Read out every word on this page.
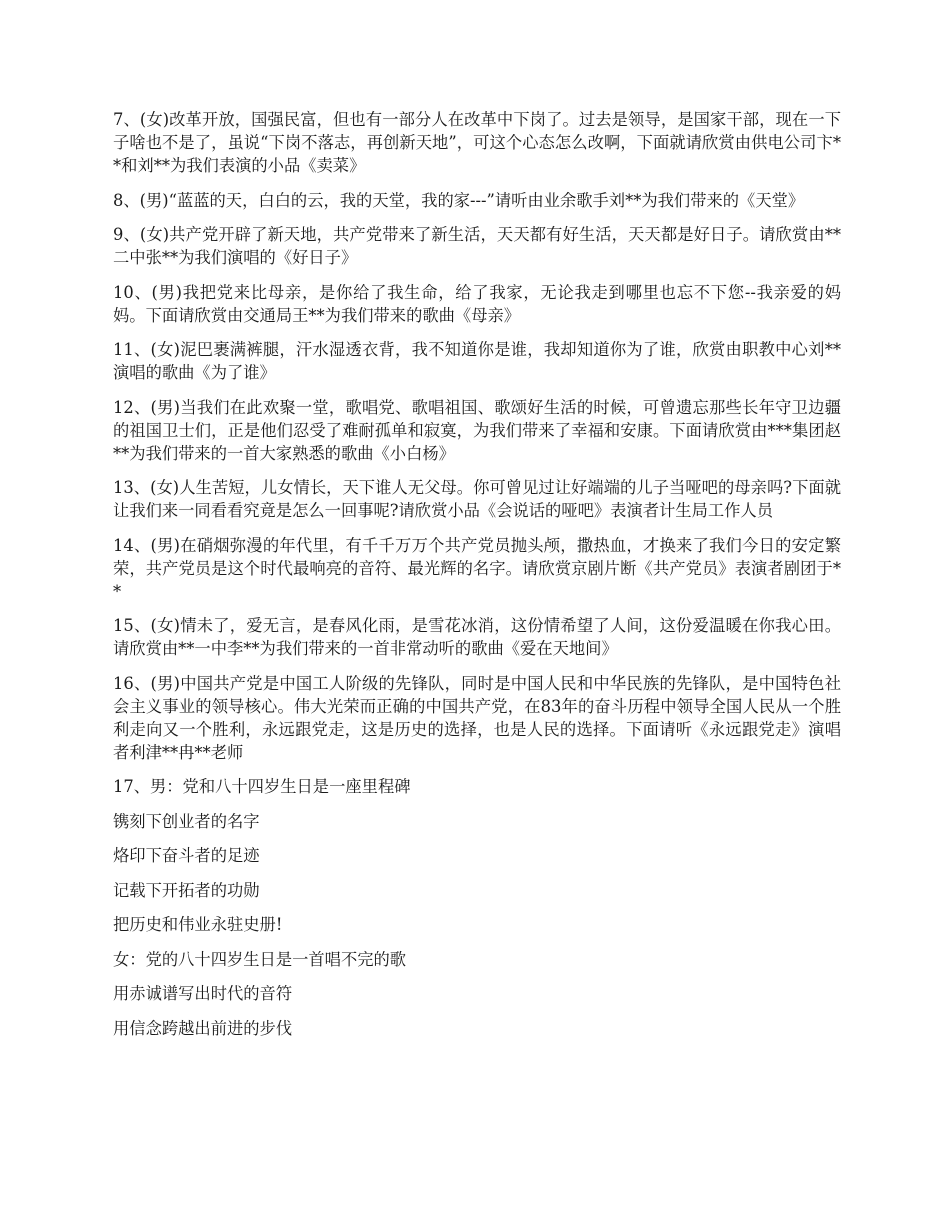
7、(女)改革开放，国强民富，但也有一部分人在改革中下岗了。过去是领导，是国家干部，现在一下子啥也不是了，虽说“下岗不落志，再创新天地”，可这个心态怎么改啊，下面就请欣赏由供电公司卞**和刘**为我们表演的小品《卖菜》

8、(男)“蓝蓝的天，白白的云，我的天堂，我的家---”请听由业余歌手刘**为我们带来的《天堂》

9、(女)共产党开辟了新天地，共产党带来了新生活，天天都有好生活，天天都是好日子。请欣赏由**二中张**为我们演唱的《好日子》

10、(男)我把党来比母亲，是你给了我生命，给了我家，无论我走到哪里也忘不下您--我亲爱的妈妈。下面请欣赏由交通局王**为我们带来的歌曲《母亲》

11、(女)泥巴裹满裤腿，汗水湿透衣背，我不知道你是谁，我却知道你为了谁，欣赏由职教中心刘**演唱的歌曲《为了谁》

12、(男)当我们在此欢聚一堂，歌唱党、歌唱祖国、歌颂好生活的时候，可曾遗忘那些长年守卫边疆的祖国卫士们，正是他们忍受了难耐孤单和寂寞，为我们带来了幸福和安康。下面请欣赏由***集团赵**为我们带来的一首大家熟悉的歌曲《小白杨》

13、(女)人生苦短，儿女情长，天下谁人无父母。你可曾见过让好端端的儿子当哑吧的母亲吗?下面就让我们来一同看看究竟是怎么一回事呢?请欣赏小品《会说话的哑吧》表演者计生局工作人员

14、(男)在硝烟弥漫的年代里，有千千万万个共产党员抛头颅，撒热血，才换来了我们今日的安定繁荣，共产党员是这个时代最响亮的音符、最光辉的名字。请欣赏京剧片断《共产党员》表演者剧团于**

15、(女)情未了，爱无言，是春风化雨，是雪花冰消，这份情希望了人间，这份爱温暖在你我心田。请欣赏由**一中李**为我们带来的一首非常动听的歌曲《爱在天地间》

16、(男)中国共产党是中国工人阶级的先锋队，同时是中国人民和中华民族的先锋队，是中国特色社会主义事业的领导核心。伟大光荣而正确的中国共产党，在83年的奋斗历程中领导全国人民从一个胜利走向又一个胜利，永远跟党走，这是历史的选择，也是人民的选择。下面请听《永远跟党走》演唱者利津**冉**老师

17、男：党和八十四岁生日是一座里程碑

镌刻下创业者的名字

烙印下奋斗者的足迹

记载下开拓者的功勋

把历史和伟业永驻史册!

女：党的八十四岁生日是一首唱不完的歌

用赤诚谱写出时代的音符

用信念跨越出前进的步伐
